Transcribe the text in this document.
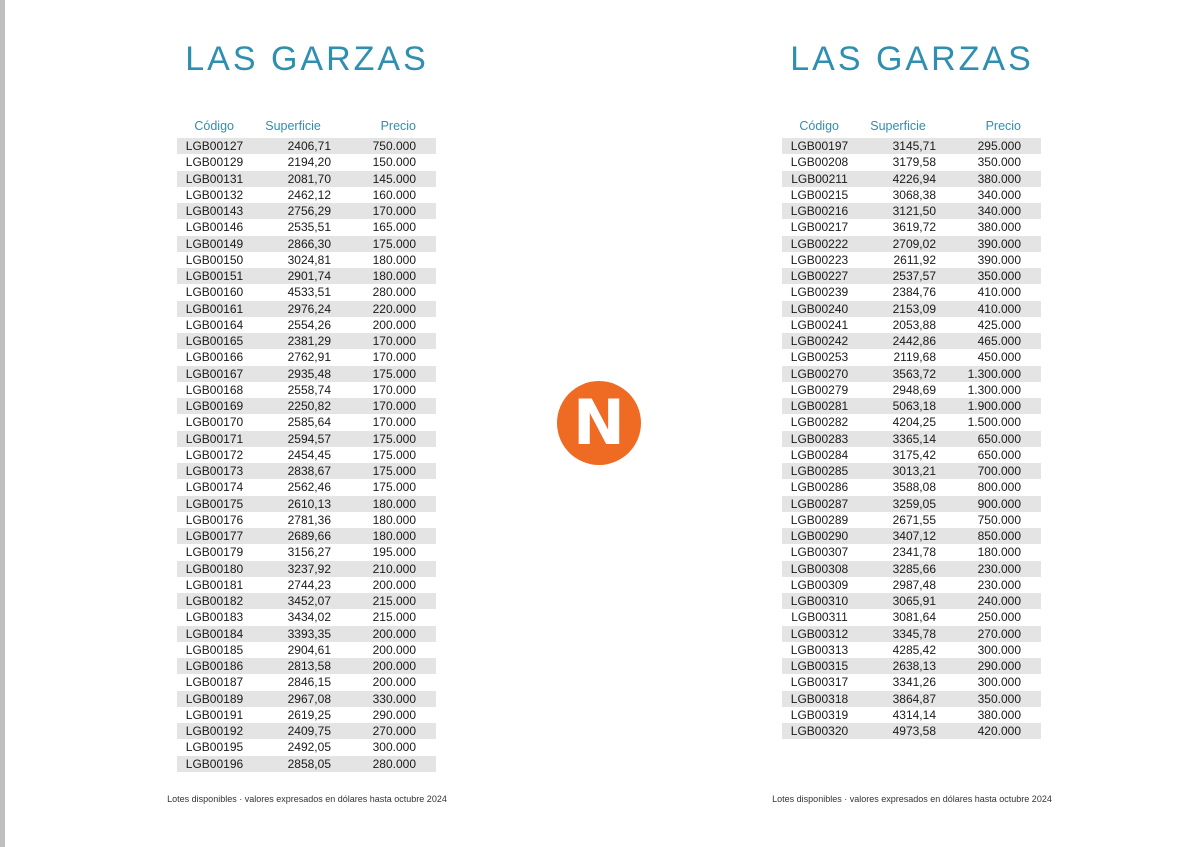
LAS GARZAS
Código	Superficie	Precio
LGB00127	2406,71	750.000
LGB00129	2194,20	150.000
LGB00131	2081,70	145.000
LGB00132	2462,12	160.000
LGB00143	2756,29	170.000
LGB00146	2535,51	165.000
LGB00149	2866,30	175.000
LGB00150	3024,81	180.000
LGB00151	2901,74	180.000
LGB00160	4533,51	280.000
LGB00161	2976,24	220.000
LGB00164	2554,26	200.000
LGB00165	2381,29	170.000
LGB00166	2762,91	170.000
LGB00167	2935,48	175.000
LGB00168	2558,74	170.000
LGB00169	2250,82	170.000
LGB00170	2585,64	170.000
LGB00171	2594,57	175.000
LGB00172	2454,45	175.000
LGB00173	2838,67	175.000
LGB00174	2562,46	175.000
LGB00175	2610,13	180.000
LGB00176	2781,36	180.000
LGB00177	2689,66	180.000
LGB00179	3156,27	195.000
LGB00180	3237,92	210.000
LGB00181	2744,23	200.000
LGB00182	3452,07	215.000
LGB00183	3434,02	215.000
LGB00184	3393,35	200.000
LGB00185	2904,61	200.000
LGB00186	2813,58	200.000
LGB00187	2846,15	200.000
LGB00189	2967,08	330.000
LGB00191	2619,25	290.000
LGB00192	2409,75	270.000
LGB00195	2492,05	300.000
LGB00196	2858,05	280.000
Lotes disponibles · valores expresados en dólares hasta octubre 2024
N
LAS GARZAS
Código	Superficie	Precio
LGB00197	3145,71	295.000
LGB00208	3179,58	350.000
LGB00211	4226,94	380.000
LGB00215	3068,38	340.000
LGB00216	3121,50	340.000
LGB00217	3619,72	380.000
LGB00222	2709,02	390.000
LGB00223	2611,92	390.000
LGB00227	2537,57	350.000
LGB00239	2384,76	410.000
LGB00240	2153,09	410.000
LGB00241	2053,88	425.000
LGB00242	2442,86	465.000
LGB00253	2119,68	450.000
LGB00270	3563,72	1.300.000
LGB00279	2948,69	1.300.000
LGB00281	5063,18	1.900.000
LGB00282	4204,25	1.500.000
LGB00283	3365,14	650.000
LGB00284	3175,42	650.000
LGB00285	3013,21	700.000
LGB00286	3588,08	800.000
LGB00287	3259,05	900.000
LGB00289	2671,55	750.000
LGB00290	3407,12	850.000
LGB00307	2341,78	180.000
LGB00308	3285,66	230.000
LGB00309	2987,48	230.000
LGB00310	3065,91	240.000
LGB00311	3081,64	250.000
LGB00312	3345,78	270.000
LGB00313	4285,42	300.000
LGB00315	2638,13	290.000
LGB00317	3341,26	300.000
LGB00318	3864,87	350.000
LGB00319	4314,14	380.000
LGB00320	4973,58	420.000
Lotes disponibles · valores expresados en dólares hasta octubre 2024
